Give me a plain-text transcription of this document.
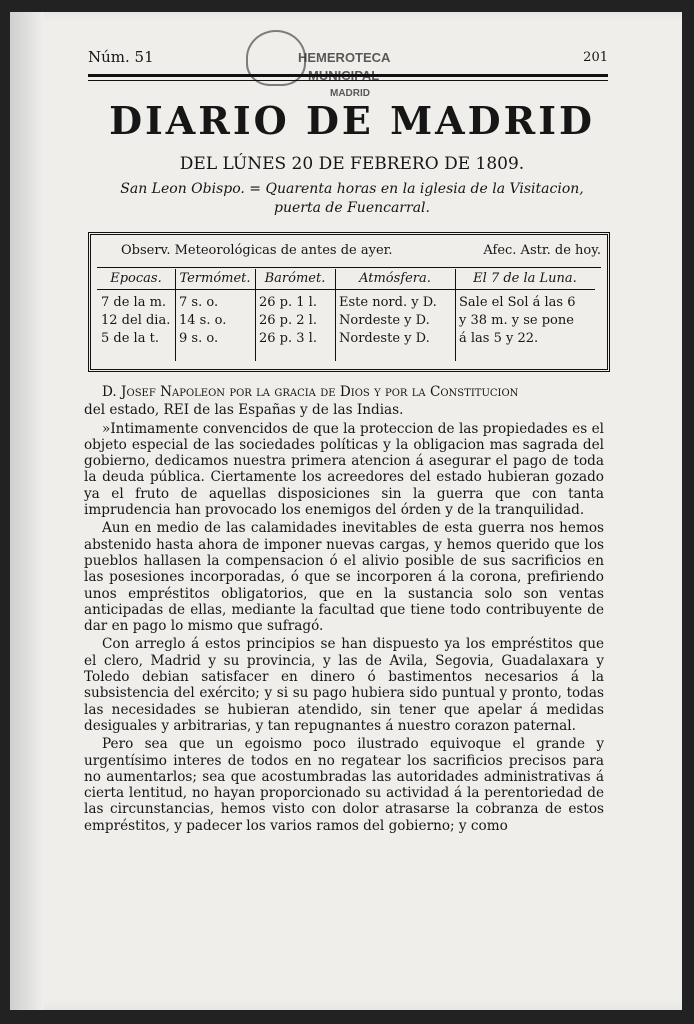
Núm. 51	201
HEMEROTECA
MADRID
DIARIO DE MADRID
DEL LÚNES 20 DE FEBRERO DE 1809.
San Leon Obispo. = Quarenta horas en la iglesia de la Visitacion,
puerta de Fuencarral.
Observ. Meteorológicas de antes de ayer.	Afec. Astr. de hoy.
Epocas.
7 de la m.
12 del dia.
5 de la t.
Termómet.
7 s. o.
14 s. o.
9 s. o.
Barómet.
26 p. 1 l.
26 p. 2 l.
26 p. 3 l.
Atmósfera.
Este nord. y D.
Nordeste y D.
Nordeste y D.
El 7 de la Luna.
Sale el Sol á las 6
y 38 m. y se pone
á las 5 y 22.

D. Josef Napoleon por la gracia de Dios y por la Constitucion

del estado, REI de las Españas y de las Indias.

»Intimamente convencidos de que la proteccion de las propiedades es el objeto especial de las sociedades políticas y la obligacion mas sagrada del gobierno, dedicamos nuestra primera atencion á asegurar el pago de toda la deuda pública. Ciertamente los acreedores del estado hubieran gozado ya el fruto de aquellas disposiciones sin la guerra que con tanta imprudencia han provocado los enemigos del órden y de la tranquilidad.

Aun en medio de las calamidades inevitables de esta guerra nos hemos abstenido hasta ahora de imponer nuevas cargas, y hemos querido que los pueblos hallasen la compensacion ó el alivio posible de sus sacrificios en las posesiones incorporadas, ó que se incorporen á la corona, prefiriendo unos empréstitos obligatorios, que en la sustancia solo son ventas anticipadas de ellas, mediante la facultad que tiene todo contribuyente de dar en pago lo mismo que sufragó.

Con arreglo á estos principios se han dispuesto ya los empréstitos que el clero, Madrid y su provincia, y las de Avila, Segovia, Guadalaxara y Toledo debian satisfacer en dinero ó bastimentos necesarios á la subsistencia del exército; y si su pago hubiera sido puntual y pronto, todas las necesidades se hubieran atendido, sin tener que apelar á medidas desiguales y arbitrarias, y tan repugnantes á nuestro corazon paternal.

Pero sea que un egoismo poco ilustrado equivoque el grande y urgentísimo interes de todos en no regatear los sacrificios precisos para no aumentarlos; sea que acostumbradas las autoridades administrativas á cierta lentitud, no hayan proporcionado su actividad á la perentoriedad de las circunstancias, hemos visto con dolor atrasarse la cobranza de estos empréstitos, y padecer los varios ramos del gobierno; y como
